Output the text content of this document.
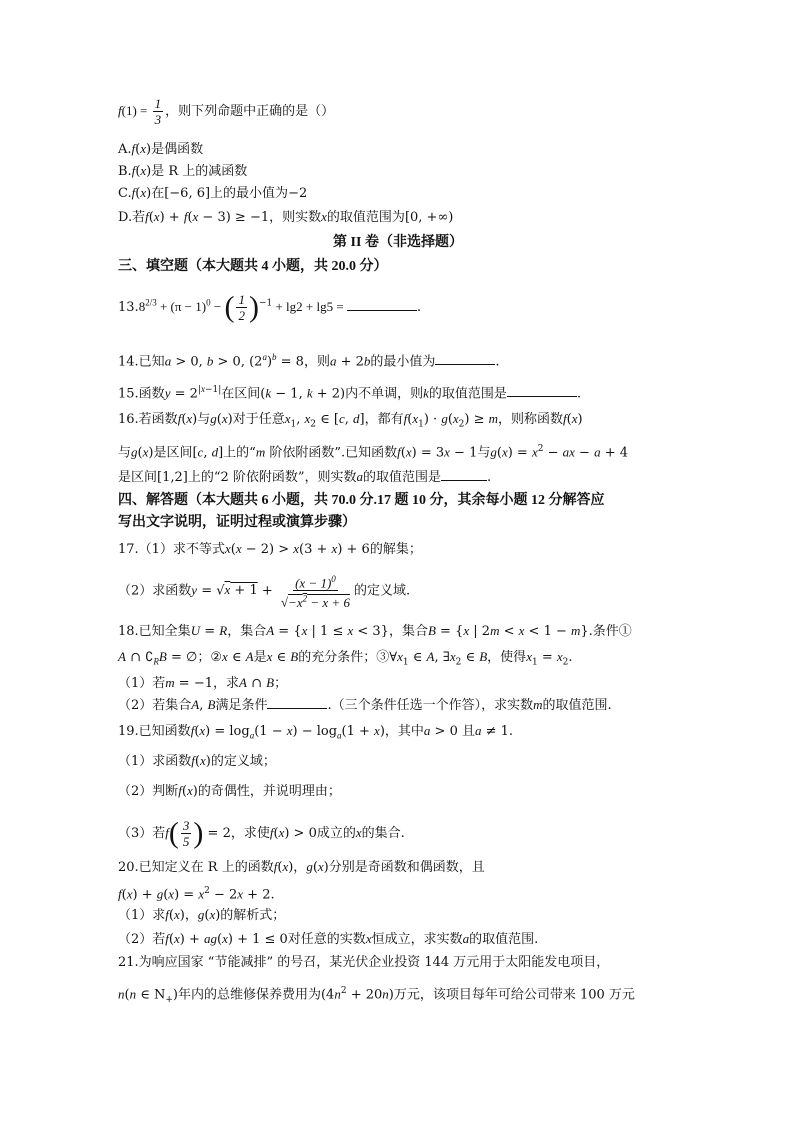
$f(1) = \frac{1}{3}$ ，则下列命题中正确的是（）
A.f(x)是偶函数
B.f(x)是 R 上的减函数
C.f(x)在[−6, 6]上的最小值为−2
D.若f(x) + f(x − 3) ≥ −1，则实数x的取值范围为[0, +∞)
第 II 卷（非选择题）
三、填空题（本大题共 4 小题，共 20.0 分）
$13.8^{2/3} + (\pi - 1)^0$ − ( $\frac{1}{2} )^{-1} + \lg 2 + \lg 5$ =	.
14.已知a > 0, b > 0, $(2^a)^b = 8$，则a + 2b的最小值为	.
15.函数$y = 2^{|x-1|}$在区间(k − 1, k + 2)内不单调，则k的取值范围是	.
16.若函数f(x)与g(x)对于任意$x_1$, $x_2$ ∈ [c, d]，都有$f(x_1) \cdot g(x_2) \ge m$，则称函数f(x)
与g(x)是区间[c, d]上的“m 阶依附函数”.已知函数f(x) = 3x − 1与$g(x) = x^2$ − ax − a + 4
是区间[1,2]上的“2 阶依附函数”，则实数a的取值范围是	.
四、解答题（本大题共 6 小题，共 70.0 分.17 题 10 分，其余每小题 12 分解答应
写出文字说明，证明过程或演算步骤）
17.（1）求不等式x(x − 2) > x(3 + x) + 6的解集；
（2）求函数$y = √x + 1 + \frac{(x - 1)^0}{√-x^2 - x + 6}$ 的定义域.
18.已知全集U = R，集合A = {x | 1 ≤ x < 3}，集合B = {x | 2m < x < 1 − m}.条件①
A ∩ $∁_RB$ = ∅；②x ∈ A是x ∈ B的充分条件；$③\forall x_1$ ∈ A, $\exists x_2$ ∈ B，使得$x_1 = x_2$.
（1）若m = −1，求A ∩ B；
（2）若集合A, B满足条件	.（三个条件任选一个作答），求实数m的取值范围.
19.已知函数$f(x) = \log_a(1 - x) - \log_a(1 + x)$，其中a > 0 且a ≠ 1.
（1）求函数f(x)的定义域；
（2）判断f(x)的奇偶性，并说明理由；
（3）若$f( \frac{3}{5}$ ) = 2，求使f(x) > 0成立的x的集合.
20.已知定义在 R 上的函数f(x)，g(x)分别是奇函数和偶函数，且
$f(x) + g(x) = x^2 - 2x + 2$.
（1）求f(x)，g(x)的解析式；
（2）若f(x) + ag(x) + 1 ≤ 0对任意的实数x恒成立，求实数a的取值范围.
21.为响应国家 “节能减排” 的号召，某光伏企业投资 144 万元用于太阳能发电项目，
n(n ∈ $N_+$)年内的总维修保养费用为$(4n^2 + 20n)$万元，该项目每年可给公司带来 100 万元
